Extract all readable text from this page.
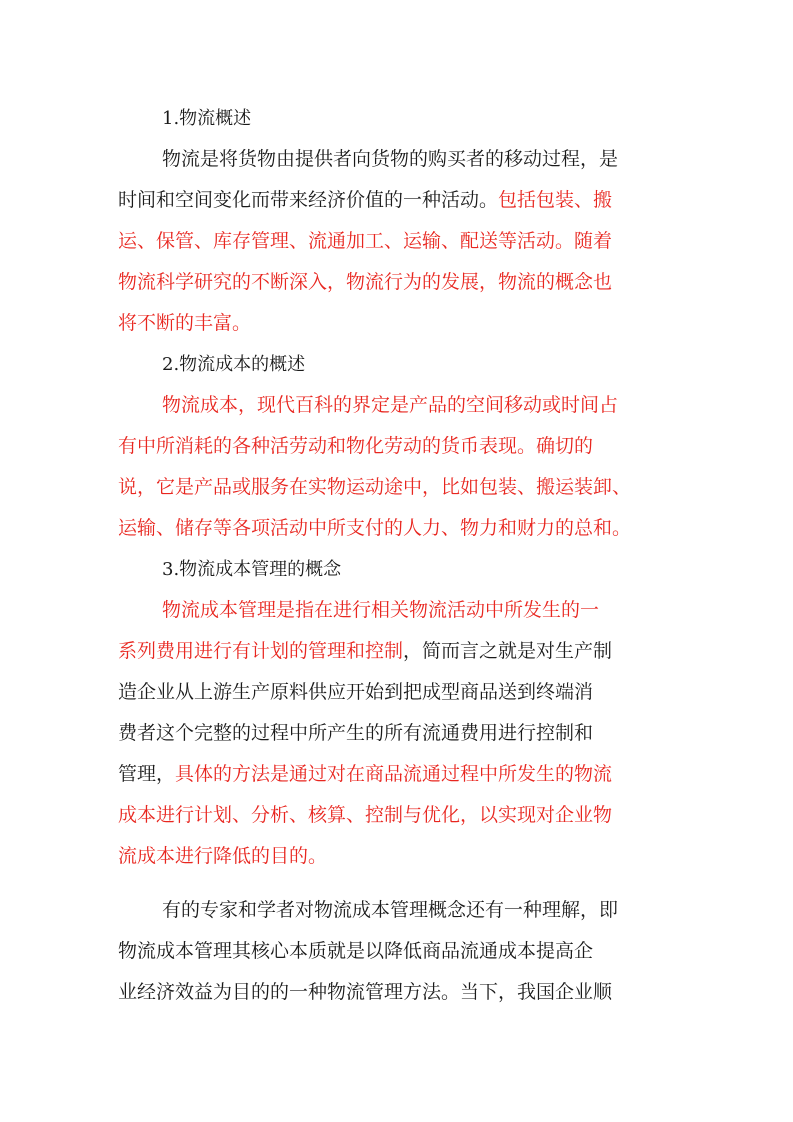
1.物流概述
物流是将货物由提供者向货物的购买者的移动过程，是
时间和空间变化而带来经济价值的一种活动。包括包装、搬
运、保管、库存管理、流通加工、运输、配送等活动。随着
物流科学研究的不断深入，物流行为的发展，物流的概念也
将不断的丰富。
2.物流成本的概述
物流成本，现代百科的界定是产品的空间移动或时间占
有中所消耗的各种活劳动和物化劳动的货币表现。确切的
说，它是产品或服务在实物运动途中，比如包装、搬运装卸、
运输、储存等各项活动中所支付的人力、物力和财力的总和。
3.物流成本管理的概念
物流成本管理是指在进行相关物流活动中所发生的一
系列费用进行有计划的管理和控制，简而言之就是对生产制
造企业从上游生产原料供应开始到把成型商品送到终端消
费者这个完整的过程中所产生的所有流通费用进行控制和
管理，具体的方法是通过对在商品流通过程中所发生的物流
成本进行计划、分析、核算、控制与优化，以实现对企业物
流成本进行降低的目的。
有的专家和学者对物流成本管理概念还有一种理解，即
物流成本管理其核心本质就是以降低商品流通成本提高企
业经济效益为目的的一种物流管理方法。当下，我国企业顺
